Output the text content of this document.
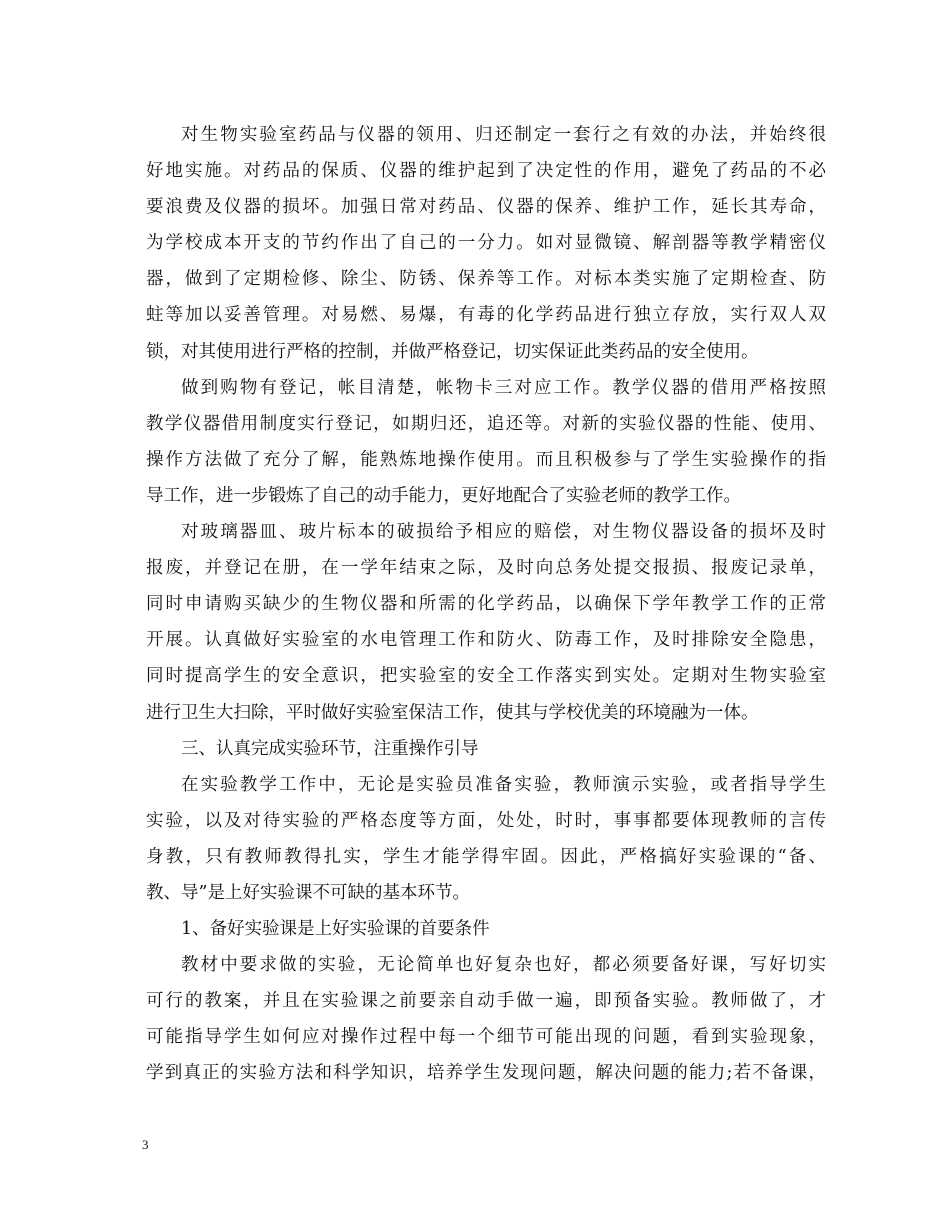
对生物实验室药品与仪器的领用、归还制定一套行之有效的办法，并始终很
好地实施。对药品的保质、仪器的维护起到了决定性的作用，避免了药品的不必
要浪费及仪器的损坏。加强日常对药品、仪器的保养、维护工作，延长其寿命，
为学校成本开支的节约作出了自己的一分力。如对显微镜、解剖器等教学精密仪
器，做到了定期检修、除尘、防锈、保养等工作。对标本类实施了定期检查、防
蛀等加以妥善管理。对易燃、易爆，有毒的化学药品进行独立存放，实行双人双
锁，对其使用进行严格的控制，并做严格登记，切实保证此类药品的安全使用。
做到购物有登记，帐目清楚，帐物卡三对应工作。教学仪器的借用严格按照
教学仪器借用制度实行登记，如期归还，追还等。对新的实验仪器的性能、使用、
操作方法做了充分了解，能熟炼地操作使用。而且积极参与了学生实验操作的指
导工作，进一步锻炼了自己的动手能力，更好地配合了实验老师的教学工作。
对玻璃器皿、玻片标本的破损给予相应的赔偿，对生物仪器设备的损坏及时
报废，并登记在册，在一学年结束之际，及时向总务处提交报损、报废记录单，
同时申请购买缺少的生物仪器和所需的化学药品，以确保下学年教学工作的正常
开展。认真做好实验室的水电管理工作和防火、防毒工作，及时排除安全隐患，
同时提高学生的安全意识，把实验室的安全工作落实到实处。定期对生物实验室
进行卫生大扫除，平时做好实验室保洁工作，使其与学校优美的环境融为一体。
三、认真完成实验环节，注重操作引导
在实验教学工作中，无论是实验员准备实验，教师演示实验，或者指导学生
实验，以及对待实验的严格态度等方面，处处，时时，事事都要体现教师的言传
身教，只有教师教得扎实，学生才能学得牢固。因此，严格搞好实验课的“备、
教、导”是上好实验课不可缺的基本环节。
1、备好实验课是上好实验课的首要条件
教材中要求做的实验，无论简单也好复杂也好，都必须要备好课，写好切实
可行的教案，并且在实验课之前要亲自动手做一遍，即预备实验。教师做了，才
可能指导学生如何应对操作过程中每一个细节可能出现的问题，看到实验现象，
学到真正的实验方法和科学知识，培养学生发现问题，解决问题的能力;若不备课，
3
